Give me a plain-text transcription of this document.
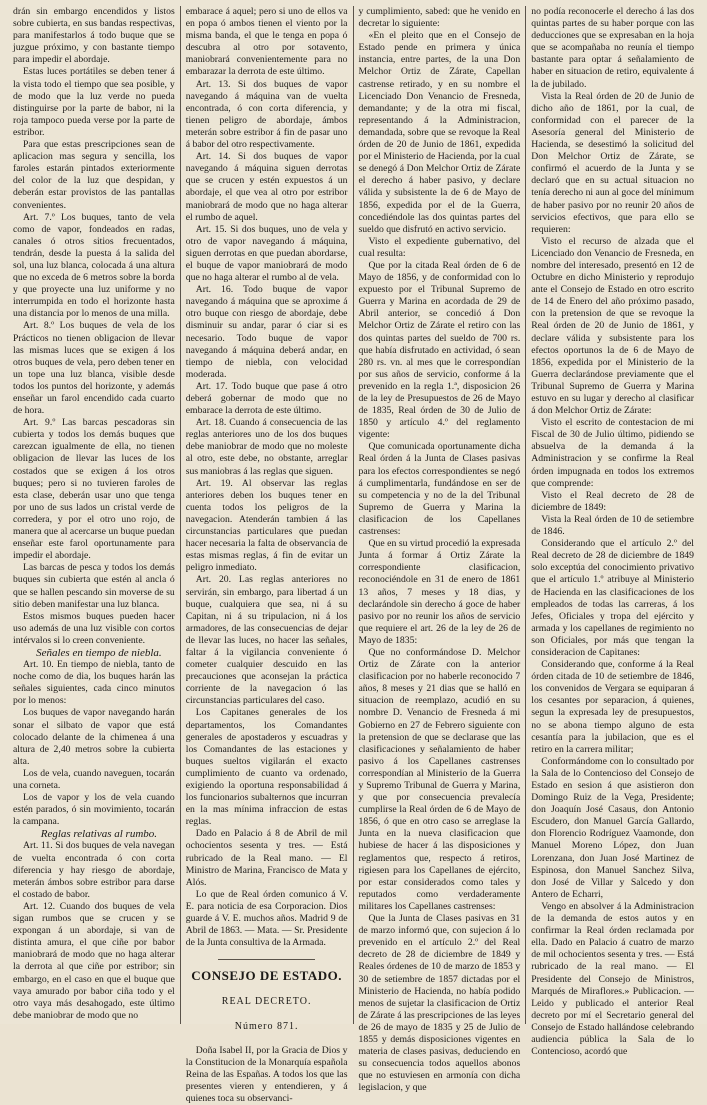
drán sin embargo encendidos y listos sobre cubierta, en sus bandas respectivas, para manifestarlos á todo buque que se juzgue próximo, y con bastante tiempo para impedir el abordaje.

Estas luces portátiles se deben tener á la vista todo el tiempo que sea posible, y de modo que la luz verde no pueda distinguirse por la parte de babor, ni la roja tampoco pueda verse por la parte de estribor.

Para que estas prescripciones sean de aplicacion mas segura y sencilla, los faroles estarán pintados exteriormente del color de la luz que despidan, y deberán estar provistos de las pantallas convenientes.

Art. 7.º Los buques, tanto de vela como de vapor, fondeados en radas, canales ó otros sitios frecuentados, tendrán, desde la puesta á la salida del sol, una luz blanca, colocada á una altura que no exceda de 6 metros sobre la borda y que proyecte una luz uniforme y no interrumpida en todo el horizonte hasta una distancia por lo menos de una milla.

Art. 8.º Los buques de vela de los Prácticos no tienen obligacion de llevar las mismas luces que se exigen á los otros buques de vela, pero deben tener en un tope una luz blanca, visible desde todos los puntos del horizonte, y además enseñar un farol encendido cada cuarto de hora.

Art. 9.º Las barcas pescadoras sin cubierta y todos los demás buques que carezcan igualmente de ella, no tienen obligacion de llevar las luces de los costados que se exigen á los otros buques; pero si no tuvieren faroles de esta clase, deberán usar uno que tenga por uno de sus lados un cristal verde de corredera, y por el otro uno rojo, de manera que al acercarse un buque puedan enseñar este farol oportunamente para impedir el abordaje.

Las barcas de pesca y todos los demás buques sin cubierta que estén al ancla ó que se hallen pescando sin moverse de su sitio deben manifestar una luz blanca.

Estos mismos buques pueden hacer uso además de una luz visible con cortos intérvalos si lo creen conveniente.

Señales en tiempo de niebla.

Art. 10. En tiempo de niebla, tanto de noche como de dia, los buques harán las señales siguientes, cada cinco minutos por lo menos:

Los buques de vapor navegando harán sonar el silbato de vapor que está colocado delante de la chimenea á una altura de 2,40 metros sobre la cubierta alta.

Los de vela, cuando naveguen, tocarán una corneta.

Los de vapor y los de vela cuando estén parados, ó sin movimiento, tocarán la campana.

Reglas relativas al rumbo.

Art. 11. Si dos buques de vela navegan de vuelta encontrada ó con corta diferencia y hay riesgo de abordaje, meterán ámbos sobre estribor para darse el costado de babor.

Art. 12. Cuando dos buques de vela sigan rumbos que se crucen y se expongan á un abordaje, si van de distinta amura, el que ciñe por babor maniobrará de modo que no haga alterar la derrota al que ciñe por estribor; sin embargo, en el caso en que el buque que vaya amurado por babor ciña todo y el otro vaya más desahogado, este último debe maniobrar de modo que no

embarace á aquel; pero si uno de ellos va en popa ó ambos tienen el viento por la misma banda, el que le tenga en popa ó descubra al otro por sotavento, maniobrará convenientemente para no embarazar la derrota de este último.

Art. 13. Si dos buques de vapor navegando á máquina van de vuelta encontrada, ó con corta diferencia, y tienen peligro de abordaje, ámbos meterán sobre estribor á fin de pasar uno á babor del otro respectivamente.

Art. 14. Si dos buques de vapor navegando á máquina siguen derrotas que se crucen y estén expuestos á un abordaje, el que vea al otro por estribor maniobrará de modo que no haga alterar el rumbo de aquel.

Art. 15. Si dos buques, uno de vela y otro de vapor navegando á máquina, siguen derrotas en que puedan abordarse, el buque de vapor maniobrará de modo que no haga alterar el rumbo al de vela.

Art. 16. Todo buque de vapor navegando á máquina que se aproxime á otro buque con riesgo de abordaje, debe disminuir su andar, parar ó ciar si es necesario. Todo buque de vapor navegando á máquina deberá andar, en tiempo de niebla, con velocidad moderada.

Art. 17. Todo buque que pase á otro deberá gobernar de modo que no embarace la derrota de este último.

Art. 18. Cuando á consecuencia de las reglas anteriores uno de los dos buques debe maniobrar de modo que no moleste al otro, este debe, no obstante, arreglar sus maniobras á las reglas que siguen.

Art. 19. Al observar las reglas anteriores deben los buques tener en cuenta todos los peligros de la navegacion. Atenderán tambien á las circunstancias particulares que puedan hacer necesaria la falta de observancia de estas mismas reglas, á fin de evitar un peligro inmediato.

Art. 20. Las reglas anteriores no servirán, sin embargo, para libertad á un buque, cualquiera que sea, ni á su Capitan, ni á su tripulacion, ni á los armadores, de las consecuencias de dejar de llevar las luces, no hacer las señales, faltar á la vigilancia conveniente ó cometer cualquier descuido en las precauciones que aconsejan la práctica corriente de la navegacion ó las circunstancias particulares del caso.

Los Capitanes generales de los departamentos, los Comandantes generales de apostaderos y escuadras y los Comandantes de las estaciones y buques sueltos vigilarán el exacto cumplimiento de cuanto va ordenado, exigiendo la oportuna responsabilidad á los funcionarios subalternos que incurran en la mas mínima infraccion de estas reglas.

Dado en Palacio á 8 de Abril de mil ochocientos sesenta y tres. — Está rubricado de la Real mano. — El Ministro de Marina, Francisco de Mata y Alós.

Lo que de Real órden comunico á V. E. para noticia de esa Corporacion. Dios guarde á V. E. muchos años. Madrid 9 de Abril de 1863. — Mata. — Sr. Presidente de la Junta consultiva de la Armada.

CONSEJO DE ESTADO.
REAL DECRETO.
Número 871.

Doña Isabel II, por la Gracia de Dios y la Constitucion de la Monarquía española Reina de las Españas. A todos los que las presentes vieren y entendieren, y á quienes toca su observanci-

y cumplimiento, sabed: que he venido en decretar lo siguiente:

«En el pleito que en el Consejo de Estado pende en primera y única instancia, entre partes, de la una Don Melchor Ortiz de Zárate, Capellan castrense retirado, y en su nombre el Licenciado Don Venancio de Fresneda, demandante; y de la otra mi fiscal, representando á la Administracion, demandada, sobre que se revoque la Real órden de 20 de Junio de 1861, expedida por el Ministerio de Hacienda, por la cual se denegó á Don Melchor Ortiz de Zárate el derecho á haber pasivo, y declare válida y subsistente la de 6 de Mayo de 1856, expedida por el de la Guerra, concediéndole las dos quintas partes del sueldo que disfrutó en activo servicio.

Visto el expediente gubernativo, del cual resulta:

Que por la citada Real órden de 6 de Mayo de 1856, y de conformidad con lo expuesto por el Tribunal Supremo de Guerra y Marina en acordada de 29 de Abril anterior, se concedió á Don Melchor Ortiz de Zárate el retiro con las dos quintas partes del sueldo de 700 rs. que había disfrutado en actividad, ó sean 280 rs. vn. al mes que le correspondían por sus años de servicio, conforme á la prevenido en la regla 1.ª, disposicion 26 de la ley de Presupuestos de 26 de Mayo de 1835, Real órden de 30 de Julio de 1850 y artículo 4.º del reglamento vigente:

Que comunicada oportunamente dicha Real órden á la Junta de Clases pasivas para los efectos correspondientes se negó á cumplimentarla, fundándose en ser de su competencia y no de la del Tribunal Supremo de Guerra y Marina la clasificacion de los Capellanes castrenses:

Que en su virtud procedió la expresada Junta á formar á Ortiz Zárate la correspondiente clasificacion, reconociéndole en 31 de enero de 1861 13 años, 7 meses y 18 dias, y declarándole sin derecho á goce de haber pasivo por no reunir los años de servicio que requiere el art. 26 de la ley de 26 de Mayo de 1835:

Que no conformándose D. Melchor Ortiz de Zárate con la anterior clasificacion por no haberle reconocido 7 años, 8 meses y 21 dias que se halló en situacion de reemplazo, acudió en su nombre D. Venancio de Fresneda á mi Gobierno en 27 de Febrero siguiente con la pretension de que se declarase que las clasificaciones y señalamiento de haber pasivo á los Capellanes castrenses correspondían al Ministerio de la Guerra y Supremo Tribunal de Guerra y Marina, y que por consecuencia prevalecía cumplirse la Real órden de 6 de Mayo de 1856, ó que en otro caso se arreglase la Junta en la nueva clasificacion que hubiese de hacer á las disposiciones y reglamentos que, respecto á retiros, rigiesen para los Capellanes de ejército, por estar considerados como tales y reputados como verdaderamente militares los Capellanes castrenses:

Que la Junta de Clases pasivas en 31 de marzo informó que, con sujecion á lo prevenido en el artículo 2.º del Real decreto de 28 de diciembre de 1849 y Reales órdenes de 10 de marzo de 1853 y 30 de setiembre de 1857 dictadas por el Ministerio de Hacienda, no había podido menos de sujetar la clasificacion de Ortiz de Zárate á las prescripciones de las leyes de 26 de mayo de 1835 y 25 de Julio de 1855 y demás disposiciones vigentes en materia de clases pasivas, deduciendo en su consecuencia todos aquellos abonos que no estuviesen en armonía con dicha legislacion, y que

no podía reconocerle el derecho á las dos quintas partes de su haber porque con las deducciones que se expresaban en la hoja que se acompañaba no reunía el tiempo bastante para optar á señalamiento de haber en situacion de retiro, equivalente á la de jubilado.

Vista la Real órden de 20 de Junio de dicho año de 1861, por la cual, de conformidad con el parecer de la Asesoría general del Ministerio de Hacienda, se desestimó la solicitud del Don Melchor Ortiz de Zárate, se confirmó el acuerdo de la Junta y se declaró que en su actual situacion no tenía derecho ni aun al goce del mínimum de haber pasivo por no reunir 20 años de servicios efectivos, que para ello se requieren:

Visto el recurso de alzada que el Licenciado don Venancio de Fresneda, en nombre del interesado, presentó en 12 de Octubre en dicho Ministerio y reprodujo ante el Consejo de Estado en otro escrito de 14 de Enero del año próximo pasado, con la pretension de que se revoque la Real órden de 20 de Junio de 1861, y declare válida y subsistente para los efectos oportunos la de 6 de Mayo de 1856, expedida por el Ministerio de la Guerra declarándose previamente que el Tribunal Supremo de Guerra y Marina estuvo en su lugar y derecho al clasificar á don Melchor Ortiz de Zárate:

Visto el escrito de contestacion de mi Fiscal de 30 de Julio último, pidiendo se absuelva de la demanda á la Administracion y se confirme la Real órden impugnada en todos los extremos que comprende:

Visto el Real decreto de 28 de diciembre de 1849:

Vista la Real órden de 10 de setiembre de 1846.

Considerando que el artículo 2.º del Real decreto de 28 de diciembre de 1849 solo exceptúa del conocimiento privativo que el artículo 1.º atribuye al Ministerio de Hacienda en las clasificaciones de los empleados de todas las carreras, á los Jefes, Oficiales y tropa del ejército y armada y los capellanes de regimiento no son Oficiales, por más que tengan la consideracion de Capitanes:

Considerando que, conforme á la Real órden citada de 10 de setiembre de 1846, los convenidos de Vergara se equiparan á los cesantes por separacion, á quienes, segun la expresada ley de presupuestos, no se abona tiempo alguno de esta cesantía para la jubilacion, que es el retiro en la carrera militar;

Conformándome con lo consultado por la Sala de lo Contencioso del Consejo de Estado en sesion á que asistieron don Domingo Ruiz de la Vega, Presidente; don Joaquín José Casaus, don Antonio Escudero, don Manuel García Gallardo, don Florencio Rodríguez Vaamonde, don Manuel Moreno López, don Juan Lorenzana, don Juan José Martinez de Espinosa, don Manuel Sanchez Silva, don José de Villar y Salcedo y don Antero de Echarri,

Vengo en absolver á la Administracion de la demanda de estos autos y en confirmar la Real órden reclamada por ella. Dado en Palacio á cuatro de marzo de mil ochocientos sesenta y tres. — Está rubricado de la real mano. — El Presidente del Consejo de Ministros, Marqués de Miraflores.» Publicacion. — Leido y publicado el anterior Real decreto por mí el Secretario general del Consejo de Estado hallándose celebrando audiencia pública la Sala de lo Contencioso, acordó que
